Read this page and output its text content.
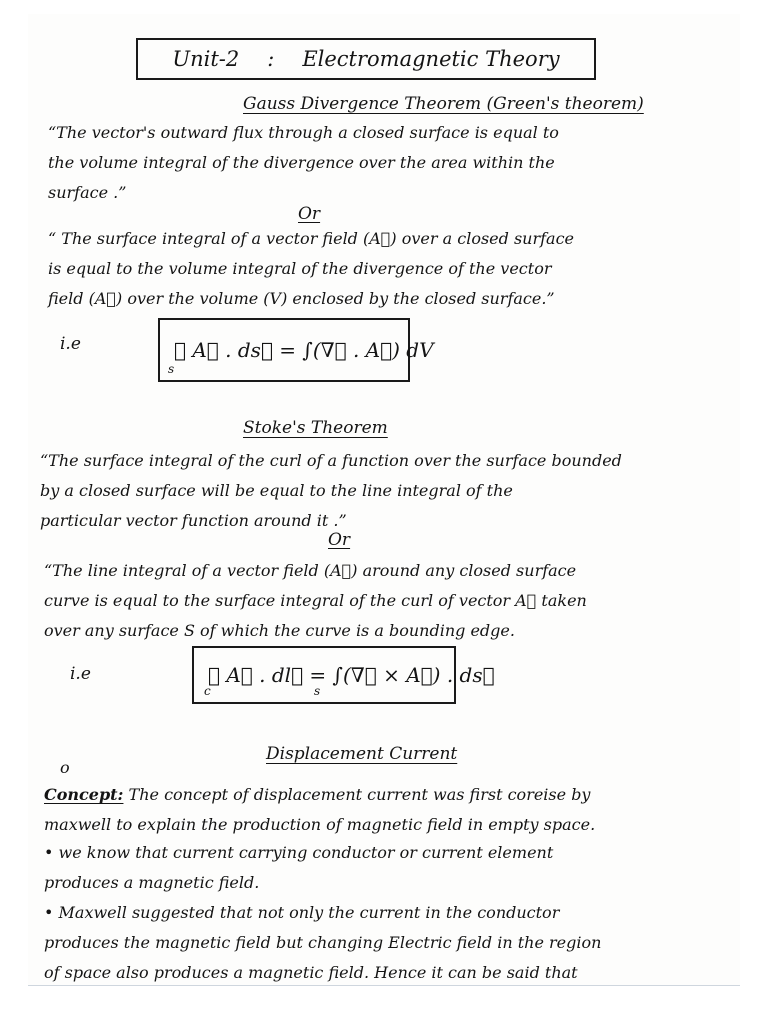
Unit-2 : Electromagnetic Theory
Gauss Divergence Theorem (Green's theorem)
“The vector's outward flux through a closed surface is equal to
the volume integral of the divergence over the area within the
surface .”
Or
“ The surface integral of a vector field (A⃗) over a closed surface
is equal to the volume integral of the divergence of the vector
field (A⃗) over the volume (V) enclosed by the closed surface.”
i.e	∮ A⃗ . ds⃗ = ∫(∇⃗ . A⃗) dV
s
Stoke's Theorem
“The surface integral of the curl of a function over the surface bounded
by a closed surface will be equal to the line integral of the
particular vector function around it .”
Or
“The line integral of a vector field (A⃗) around any closed surface
curve is equal to the surface integral of the curl of vector A⃗ taken
over any surface S of which the curve is a bounding edge.
i.e	∮ A⃗ . dl⃗ = ∫(∇⃗ × A⃗) . ds⃗
c	s
o
Displacement Current
Concept: The concept of displacement current was first coreise by
maxwell to explain the production of magnetic field in empty space.
• we know that current carrying conductor or current element
produces a magnetic field.
• Maxwell suggested that not only the current in the conductor
produces the magnetic field but changing Electric field in the region
of space also produces a magnetic field. Hence it can be said that
